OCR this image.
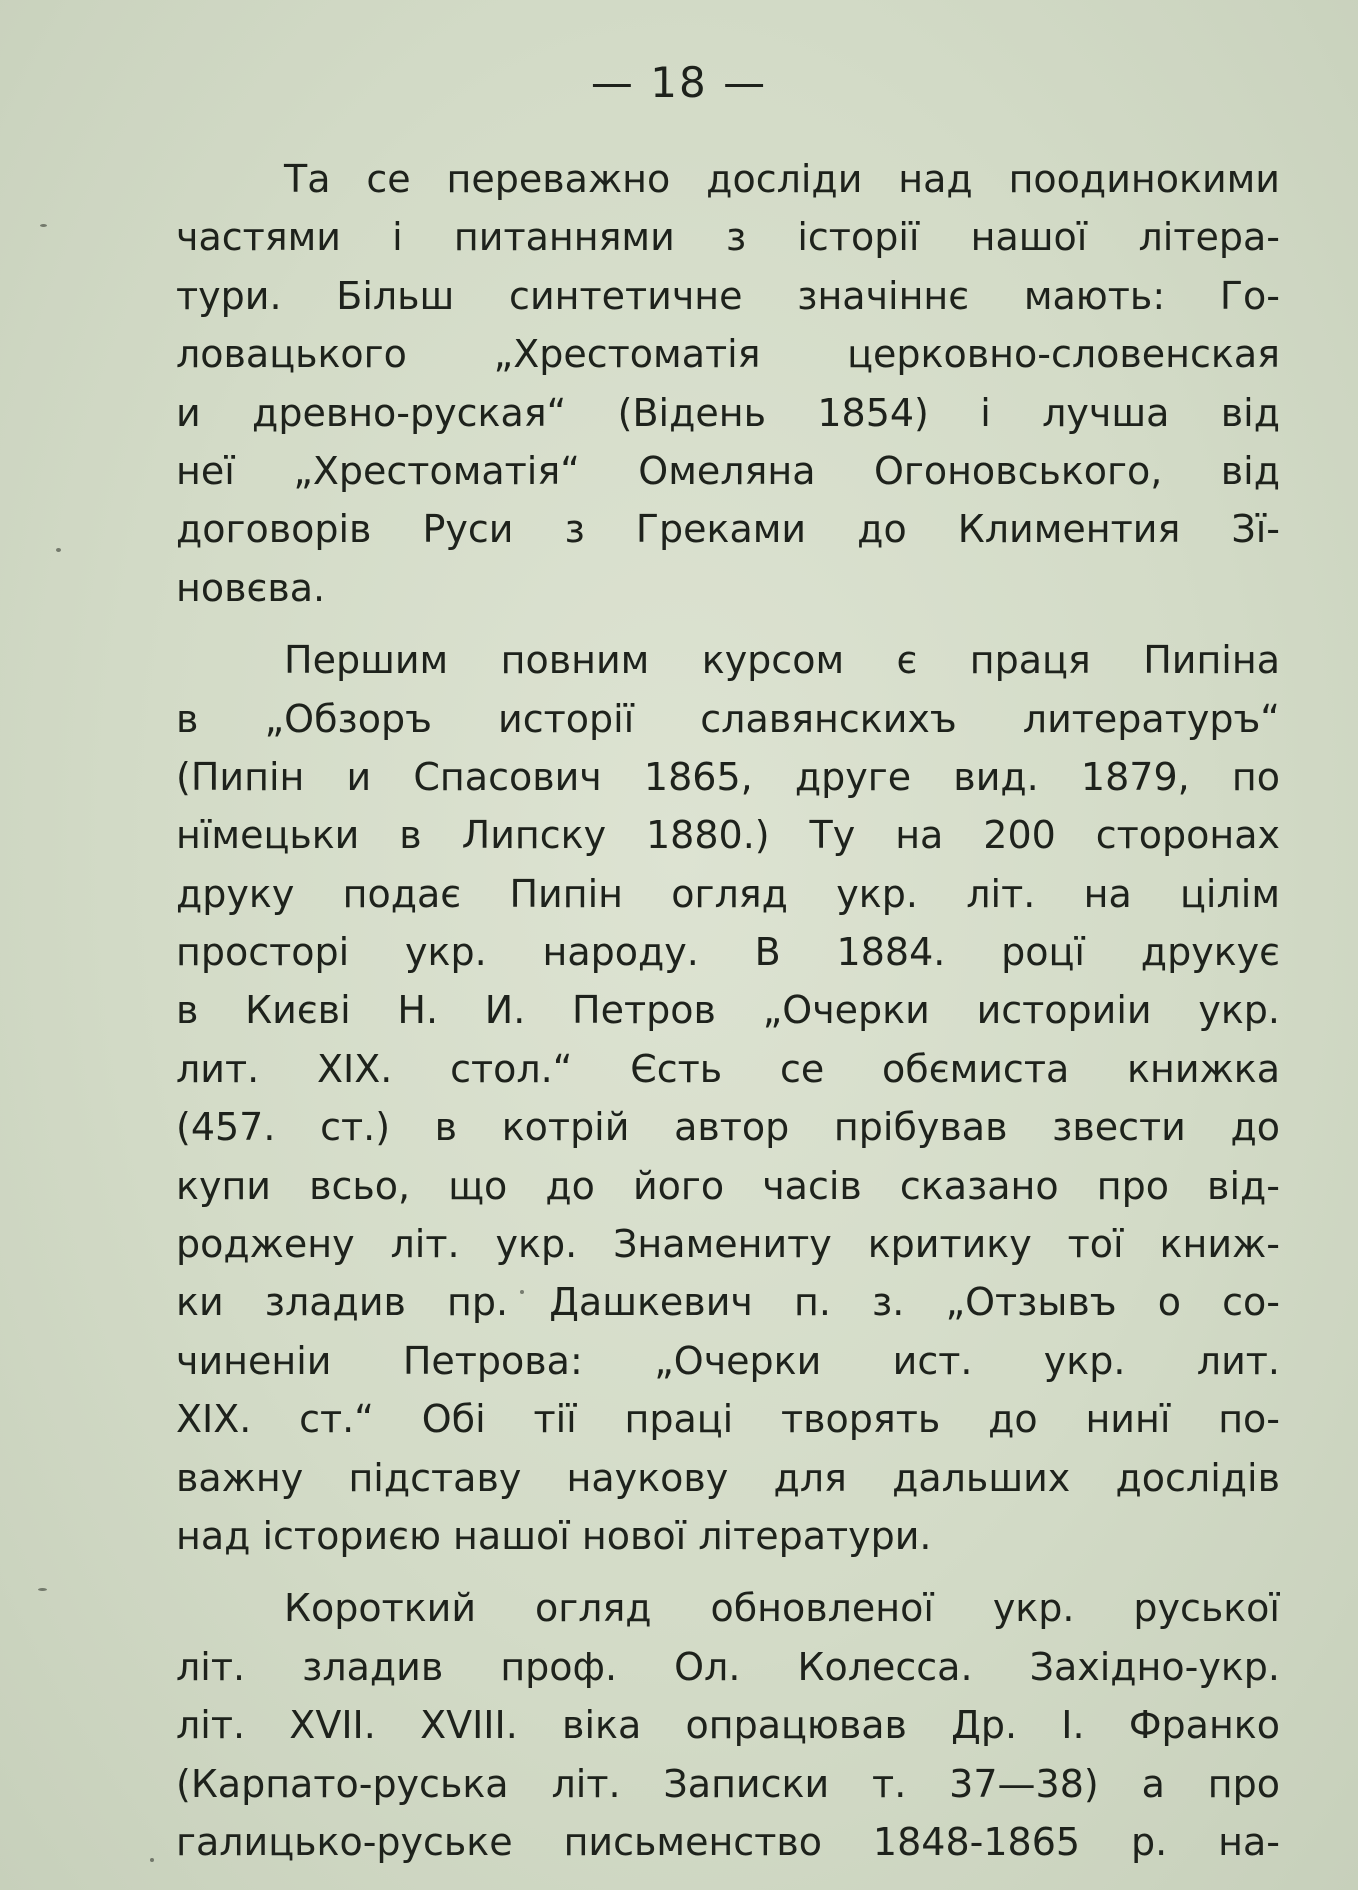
— 18 —
Та се переважно досліди над поодинокими
частями і питаннями з історії нашої літера-
тури. Більш синтетичне значіннє мають: Го-
ловацького „Хрестоматія церковно-словенская
и древно-руская“ (Відень 1854) і лучша від
неї „Хрестоматія“ Омеляна Огоновського, від
договорів Руси з Греками до Климентия Зї-
новєва.
Першим повним курсом є праця Пипіна
в „Обзоръ исторії славянскихъ литературъ“
(Пипін и Спасович 1865, друге вид. 1879, по
нїмецьки в Липску 1880.) Ту на 200 сторонах
друку подає Пипін огляд укр. літ. на цілім
просторі укр. народу. В 1884. роцї друкує
в Києві Н. И. Петров „Очерки историіи укр.
лит. XIX. стол.“ Єсть се обємиста книжка
(457. ст.) в котрій автор прібував звести до
купи всьо, що до його часів сказано про від-
роджену літ. укр. Знамениту критику тої книж-
ки зладив пр. Дашкевич п. з. „Отзывъ о со-
чиненіи Петрова: „Очерки ист. укр. лит.
XIX. ст.“ Обі тії праці творять до нинї по-
важну підставу наукову для дальших дослідів
над істориєю нашої нової літератури.
Короткий огляд обновленої укр. руської
літ. зладив проф. Ол. Колесса. Західно-укр.
літ. XVII. XVIII. віка опрацював Др. І. Франко
(Карпато-руська літ. Записки т. 37—38) а про
галицько-руське письменство 1848-1865 р. на-
